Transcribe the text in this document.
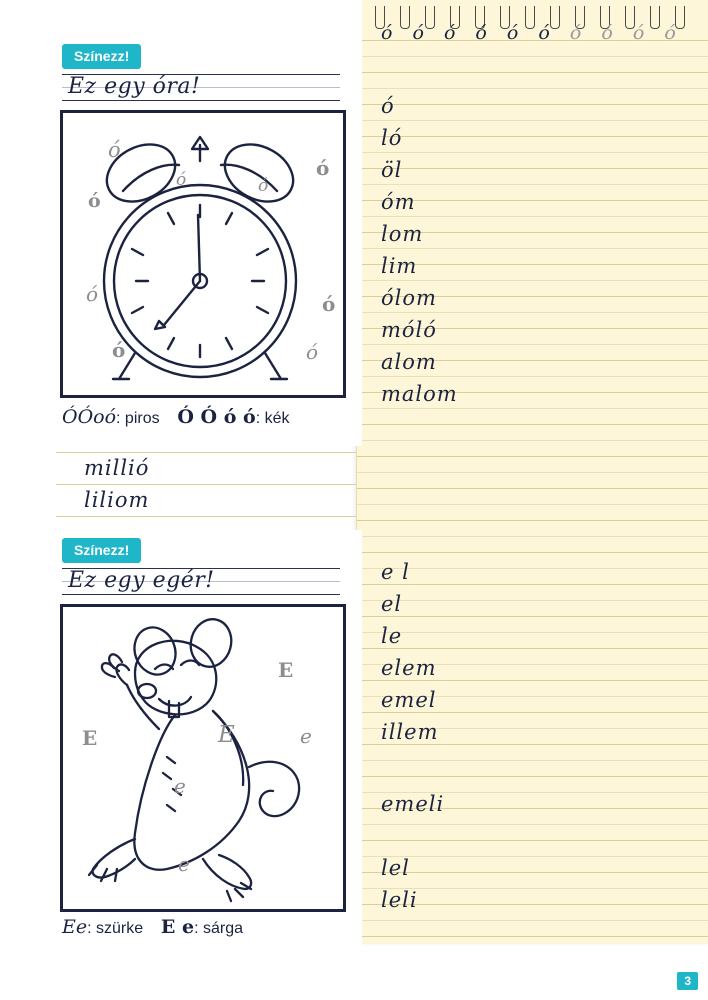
ó ó ó ó ó ó ó ó ó ó
ó
ló
öl
óm
lom
lim
ólom
móló
alom
malom
e l
el
le
elem
emel
illem
emeli
lel
leli
Színezz!
Ez egy óra!
ó
ó
ó	ó
ó
ó
ó
ó
ó
ÓÓoó: piros Ó Ó ó ó: kék
millió
liliom
Színezz!
Ez egy egér!
E
E
E	e
e
e
Ee: szürke E e: sárga
3
